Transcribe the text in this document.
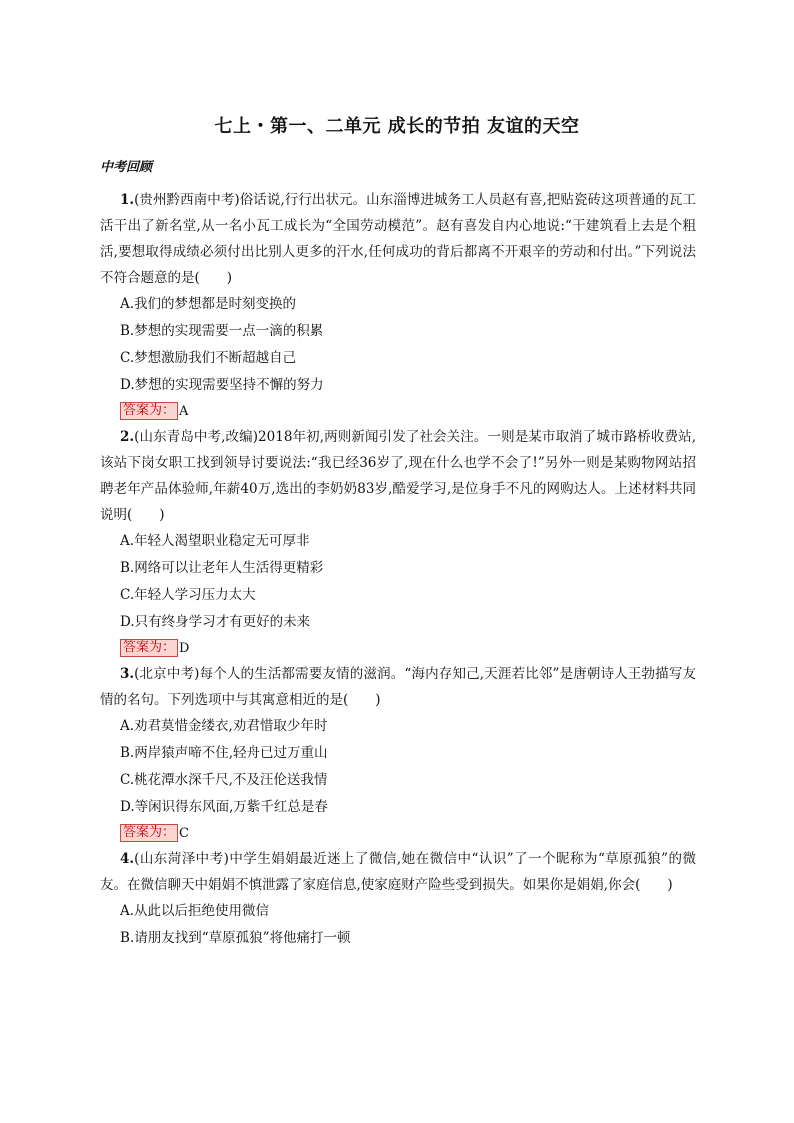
七上・第一、二单元 成长的节拍 友谊的天空
中考回顾
1.(贵州黔西南中考)俗话说,行行出状元。山东淄博进城务工人员赵有喜,把贴瓷砖这项普通的瓦工活干出了新名堂,从一名小瓦工成长为“全国劳动模范”。赵有喜发自内心地说:“干建筑看上去是个粗活,要想取得成绩必须付出比别人更多的汗水,任何成功的背后都离不开艰辛的劳动和付出。”下列说法不符合题意的是(　　)
A.我们的梦想都是时刻变换的
B.梦想的实现需要一点一滴的积累
C.梦想激励我们不断超越自己
D.梦想的实现需要坚持不懈的努力
答案为： A
2.(山东青岛中考,改编)2018年初,两则新闻引发了社会关注。一则是某市取消了城市路桥收费站,该站下岗女职工找到领导讨要说法:“我已经36岁了,现在什么也学不会了!”另外一则是某购物网站招聘老年产品体验师,年薪40万,选出的李奶奶83岁,酷爱学习,是位身手不凡的网购达人。上述材料共同说明(　　)
A.年轻人渴望职业稳定无可厚非
B.网络可以让老年人生活得更精彩
C.年轻人学习压力太大
D.只有终身学习才有更好的未来
答案为： D
3.(北京中考)每个人的生活都需要友情的滋润。“海内存知己,天涯若比邻”是唐朝诗人王勃描写友情的名句。下列选项中与其寓意相近的是(　　)
A.劝君莫惜金缕衣,劝君惜取少年时
B.两岸猿声啼不住,轻舟已过万重山
C.桃花潭水深千尺,不及汪伦送我情
D.等闲识得东风面,万紫千红总是春
答案为： C
4.(山东菏泽中考)中学生娟娟最近迷上了微信,她在微信中“认识”了一个昵称为“草原孤狼”的微友。在微信聊天中娟娟不慎泄露了家庭信息,使家庭财产险些受到损失。如果你是娟娟,你会(　　)
A.从此以后拒绝使用微信
B.请朋友找到“草原孤狼”将他痛打一顿
